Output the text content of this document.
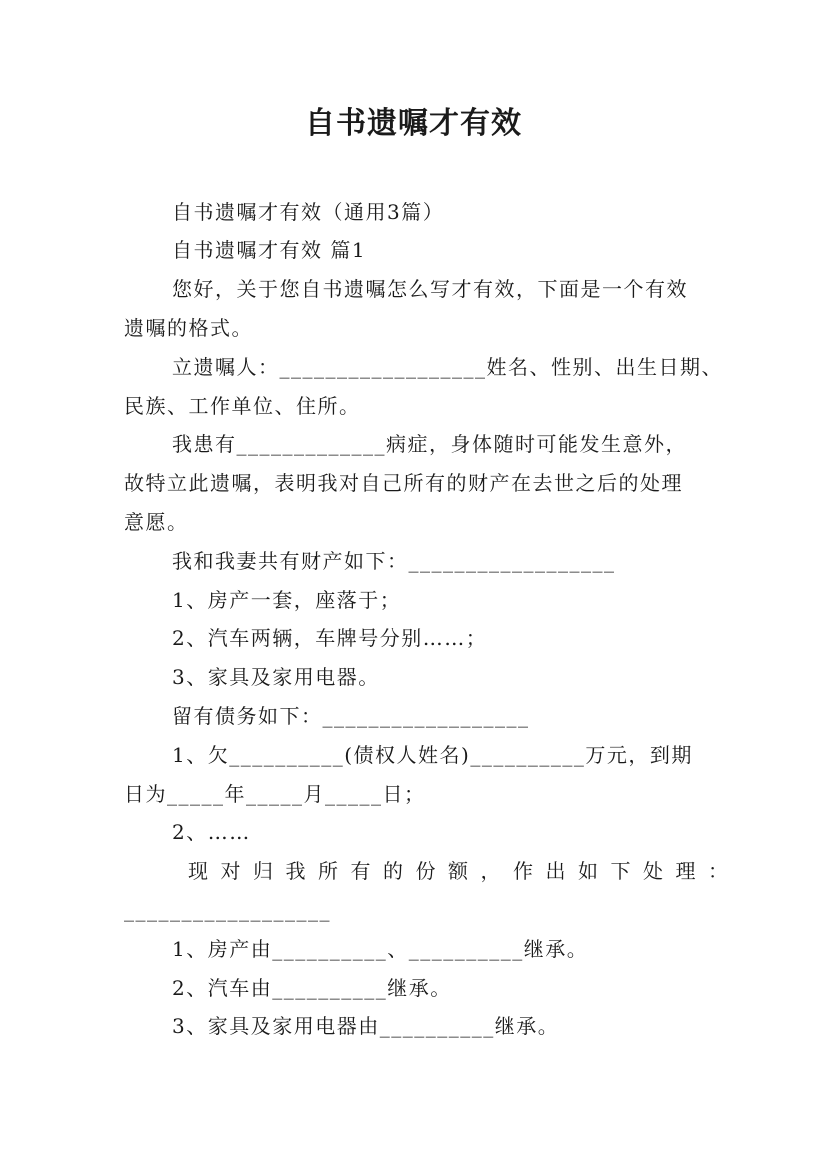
自书遗嘱才有效
自书遗嘱才有效（通用3篇）
自书遗嘱才有效 篇1
您好，关于您自书遗嘱怎么写才有效，下面是一个有效
遗嘱的格式。
立遗嘱人：__________________姓名、性别、出生日期、
民族、工作单位、住所。
我患有_____________病症，身体随时可能发生意外，
故特立此遗嘱，表明我对自己所有的财产在去世之后的处理
意愿。
我和我妻共有财产如下：__________________
1、房产一套，座落于；
2、汽车两辆，车牌号分别……；
3、家具及家用电器。
留有债务如下：__________________
1、欠__________(债权人姓名)__________万元，到期
日为_____年_____月_____日；
2、……
现对归我所有的份额，作出如下处理：
__________________
1、房产由__________、__________继承。
2、汽车由__________继承。
3、家具及家用电器由__________继承。
